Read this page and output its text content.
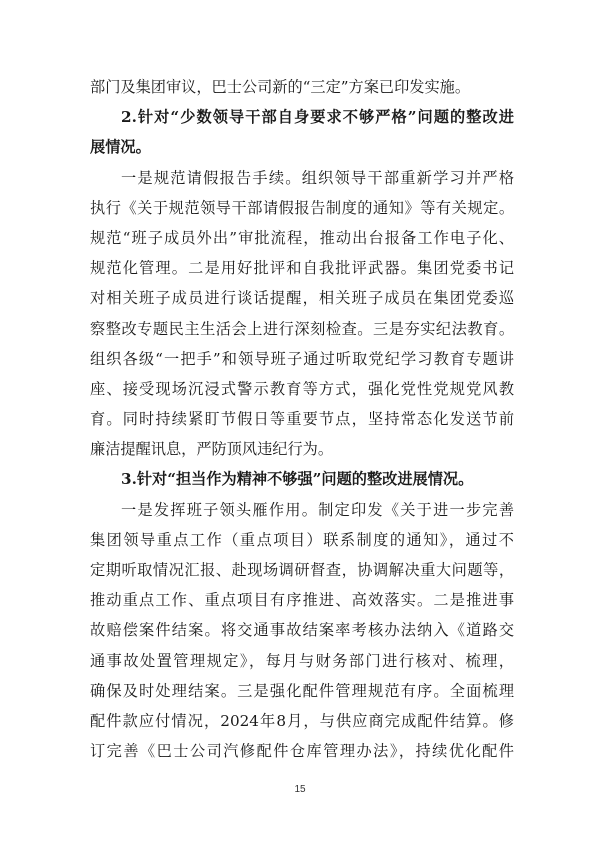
部门及集团审议，巴士公司新的“三定”方案已印发实施。
2.针对“少数领导干部自身要求不够严格”问题的整改进
展情况。
一是规范请假报告手续。组织领导干部重新学习并严格
执行《关于规范领导干部请假报告制度的通知》等有关规定。
规范“班子成员外出”审批流程，推动出台报备工作电子化、
规范化管理。二是用好批评和自我批评武器。集团党委书记
对相关班子成员进行谈话提醒，相关班子成员在集团党委巡
察整改专题民主生活会上进行深刻检查。三是夯实纪法教育。
组织各级“一把手”和领导班子通过听取党纪学习教育专题讲
座、接受现场沉浸式警示教育等方式，强化党性党规党风教
育。同时持续紧盯节假日等重要节点，坚持常态化发送节前
廉洁提醒讯息，严防顶风违纪行为。
3.针对“担当作为精神不够强”问题的整改进展情况。
一是发挥班子领头雁作用。制定印发《关于进一步完善
集团领导重点工作（重点项目）联系制度的通知》，通过不
定期听取情况汇报、赴现场调研督查，协调解决重大问题等，
推动重点工作、重点项目有序推进、高效落实。二是推进事
故赔偿案件结案。将交通事故结案率考核办法纳入《道路交
通事故处置管理规定》，每月与财务部门进行核对、梳理，
确保及时处理结案。三是强化配件管理规范有序。全面梳理
配件款应付情况，2024年8月，与供应商完成配件结算。修
订完善《巴士公司汽修配件仓库管理办法》，持续优化配件
15
